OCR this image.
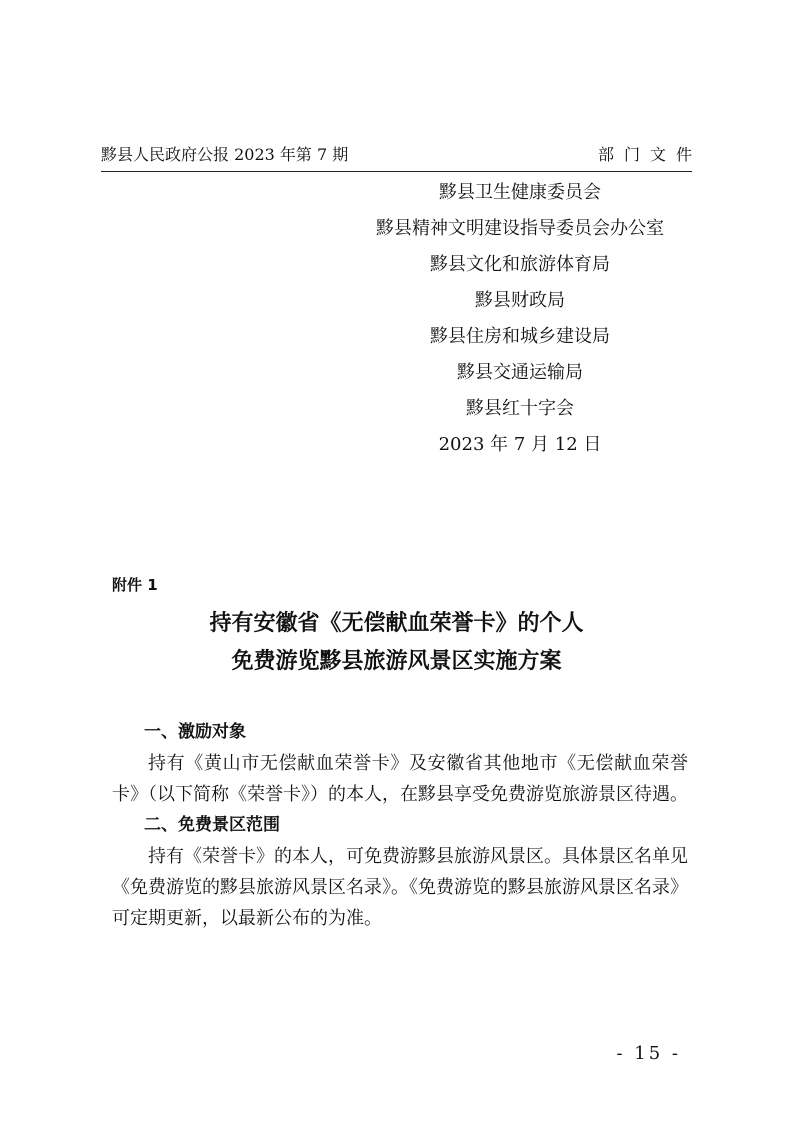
黟县人民政府公报 2023 年第 7 期	部门文件
黟县卫生健康委员会
黟县精神文明建设指导委员会办公室
黟县文化和旅游体育局
黟县财政局
黟县住房和城乡建设局
黟县交通运输局
黟县红十字会
2023 年 7 月 12 日
附件 1
持有安徽省《无偿献血荣誉卡》的个人
免费游览黟县旅游风景区实施方案
一、激励对象

持有《黄山市无偿献血荣誉卡》及安徽省其他地市《无偿献血荣誉卡》（以下简称《荣誉卡》）的本人，在黟县享受免费游览旅游景区待遇。

二、免费景区范围

持有《荣誉卡》的本人，可免费游黟县旅游风景区。具体景区名单见《免费游览的黟县旅游风景区名录》。《免费游览的黟县旅游风景区名录》可定期更新，以最新公布的为准。

- 15 -
